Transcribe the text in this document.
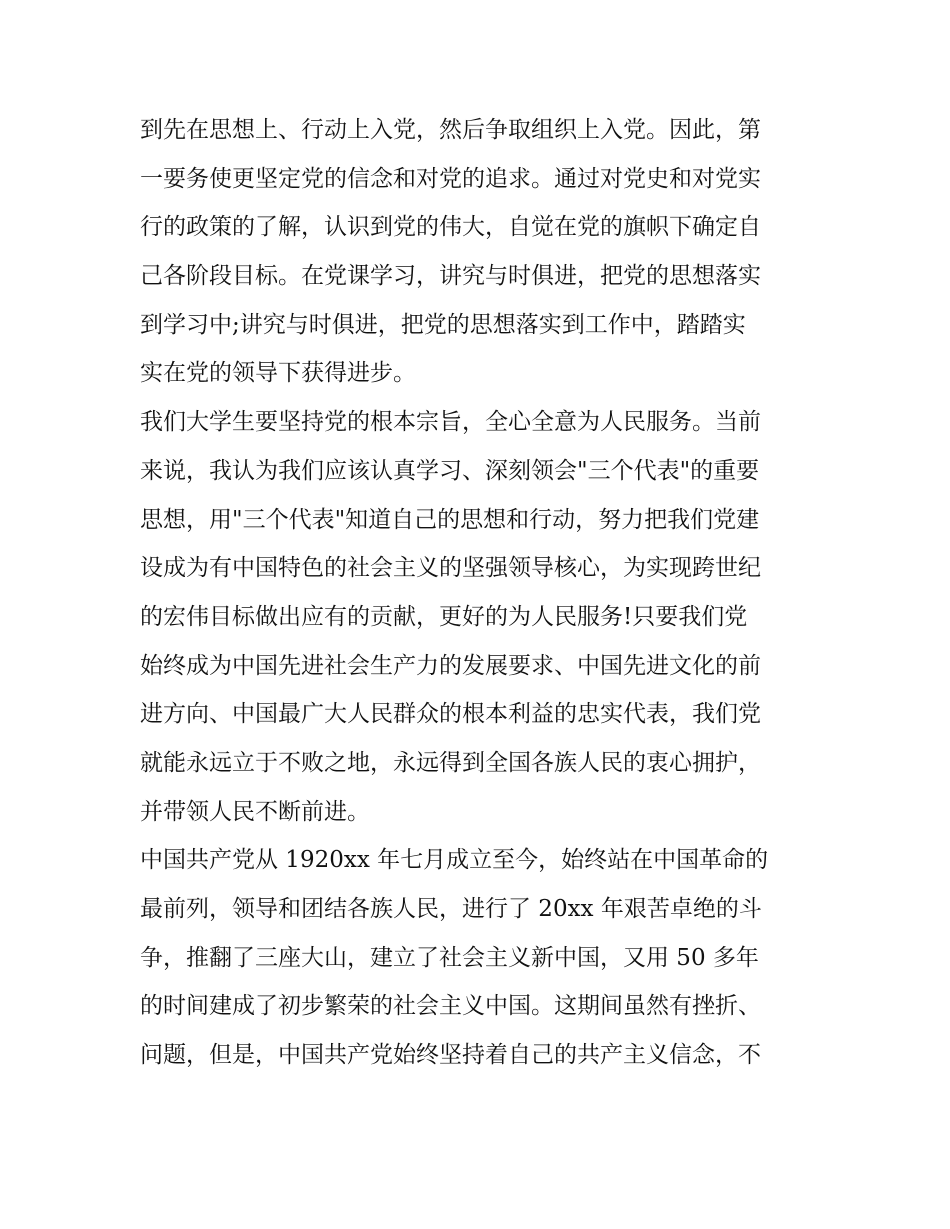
到先在思想上、行动上入党，然后争取组织上入党。因此，第
一要务使更坚定党的信念和对党的追求。通过对党史和对党实
行的政策的了解，认识到党的伟大，自觉在党的旗帜下确定自
己各阶段目标。在党课学习，讲究与时俱进，把党的思想落实
到学习中;讲究与时俱进，把党的思想落实到工作中，踏踏实
实在党的领导下获得进步。
我们大学生要坚持党的根本宗旨，全心全意为人民服务。当前
来说，我认为我们应该认真学习、深刻领会"三个代表"的重要
思想，用"三个代表"知道自己的思想和行动，努力把我们党建
设成为有中国特色的社会主义的坚强领导核心，为实现跨世纪
的宏伟目标做出应有的贡献，更好的为人民服务!只要我们党
始终成为中国先进社会生产力的发展要求、中国先进文化的前
进方向、中国最广大人民群众的根本利益的忠实代表，我们党
就能永远立于不败之地，永远得到全国各族人民的衷心拥护，
并带领人民不断前进。
中国共产党从 1920xx 年七月成立至今，始终站在中国革命的
最前列，领导和团结各族人民，进行了 20xx 年艰苦卓绝的斗
争，推翻了三座大山，建立了社会主义新中国，又用 50 多年
的时间建成了初步繁荣的社会主义中国。这期间虽然有挫折、
问题，但是，中国共产党始终坚持着自己的共产主义信念，不
